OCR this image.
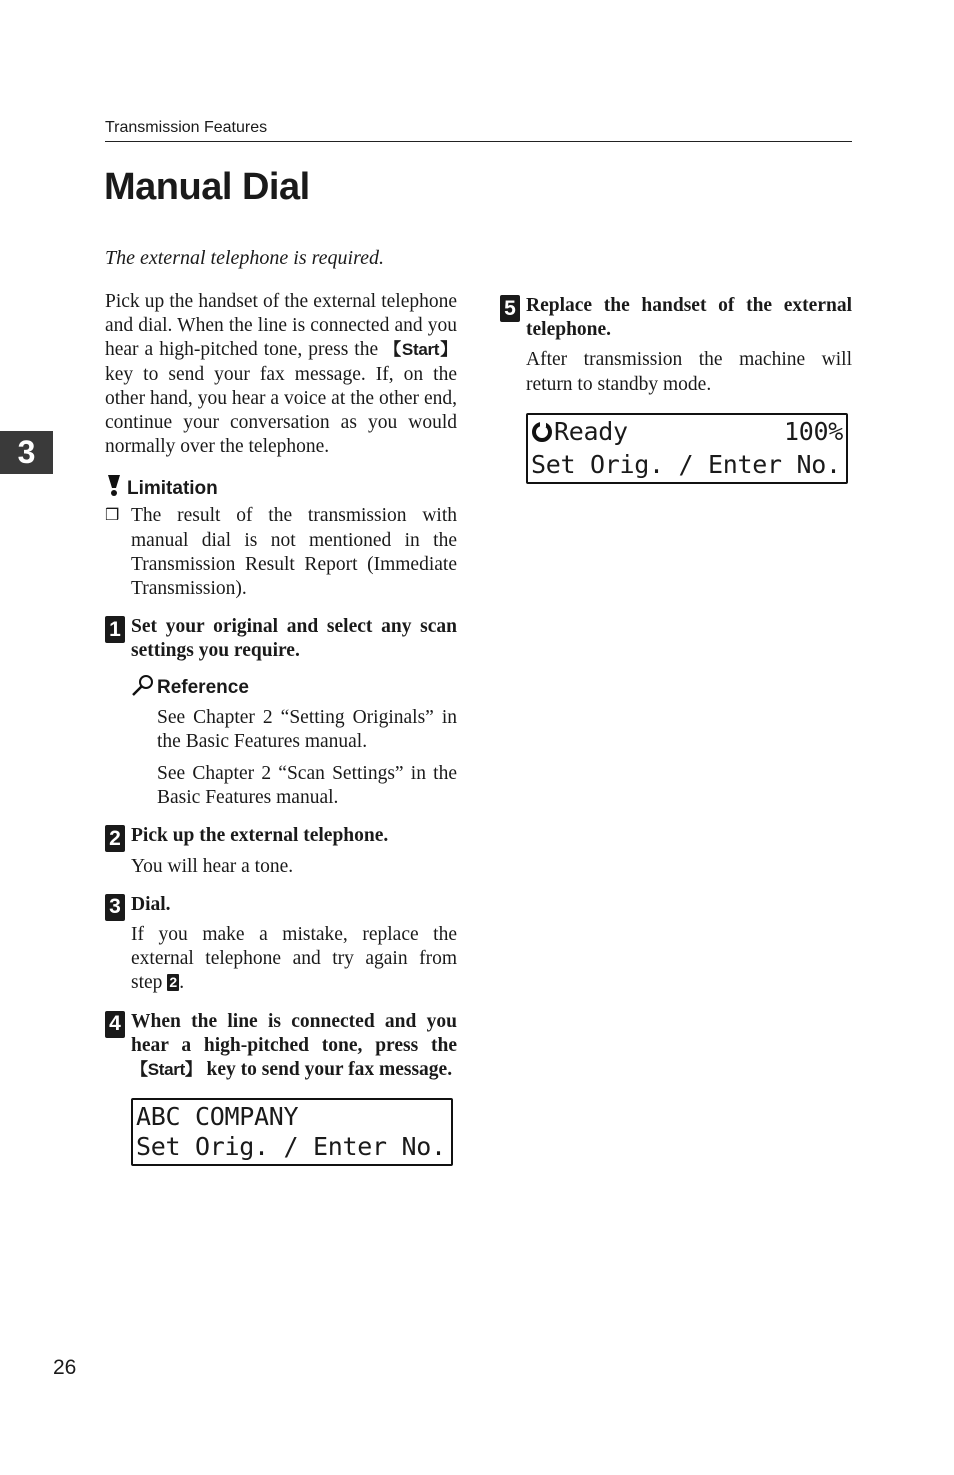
Transmission Features
Manual Dial
The external telephone is required.
3

Pick up the handset of the external telephone and dial. When the line is connected and you hear a high-pitched tone, press the 【Start】 key to send your fax message. If, on the other hand, you hear a voice at the other end, continue your conversation as you would normally over the telephone.

Limitation
❒ The result of the transmission with manual dial is not mentioned in the Transmission Result Report (Immediate Transmission).
1 Set your original and select any scan settings you require.

Reference

See Chapter 2 “Setting Originals” in the Basic Features manual.

See Chapter 2 “Scan Settings” in the Basic Features manual.

2 Pick up the external telephone.

You will hear a tone.

3 Dial.

If you make a mistake, replace the external telephone and try again from step 2 .

4 When the line is connected and you hear a high-pitched tone, press the 【Start】 key to send your fax message.

ABC COMPANY
Set Orig. / Enter No.
5 Replace the handset of the external telephone.

After transmission the machine will return to standby mode.

Ready	100%
Set Orig. / Enter No.
26
